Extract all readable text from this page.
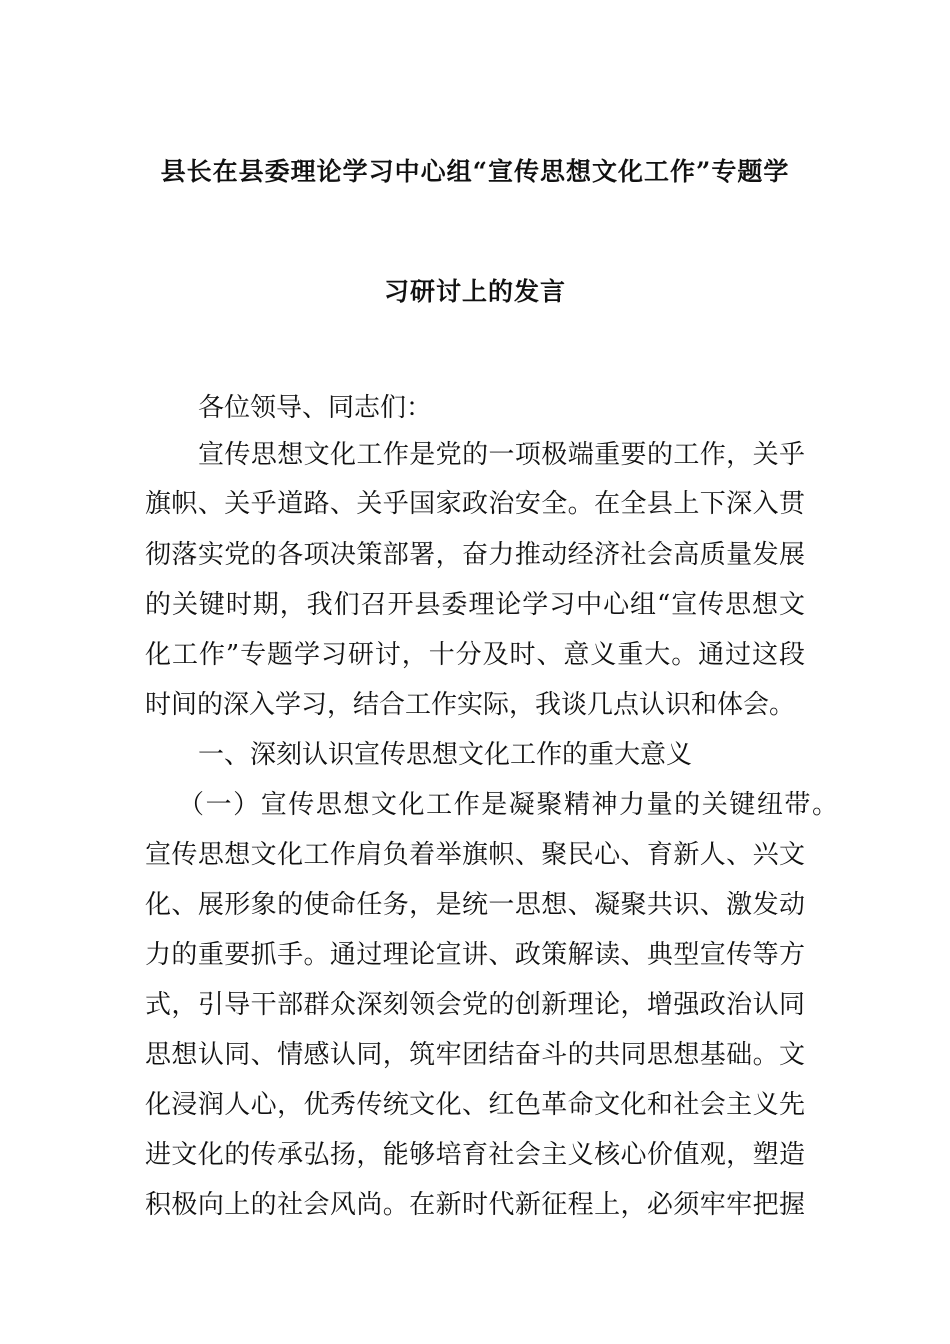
县长在县委理论学习中心组“宣传思想文化工作”专题学
习研讨上的发言
各位领导、同志们：
宣传思想文化工作是党的一项极端重要的工作，关乎
旗帜、关乎道路、关乎国家政治安全。在全县上下深入贯
彻落实党的各项决策部署，奋力推动经济社会高质量发展
的关键时期，我们召开县委理论学习中心组“宣传思想文
化工作”专题学习研讨，十分及时、意义重大。通过这段
时间的深入学习，结合工作实际，我谈几点认识和体会。
一、深刻认识宣传思想文化工作的重大意义
（一）宣传思想文化工作是凝聚精神力量的关键纽带。
宣传思想文化工作肩负着举旗帜、聚民心、育新人、兴文
化、展形象的使命任务，是统一思想、凝聚共识、激发动
力的重要抓手。通过理论宣讲、政策解读、典型宣传等方
式，引导干部群众深刻领会党的创新理论，增强政治认同
思想认同、情感认同，筑牢团结奋斗的共同思想基础。文
化浸润人心，优秀传统文化、红色革命文化和社会主义先
进文化的传承弘扬，能够培育社会主义核心价值观，塑造
积极向上的社会风尚。在新时代新征程上，必须牢牢把握
